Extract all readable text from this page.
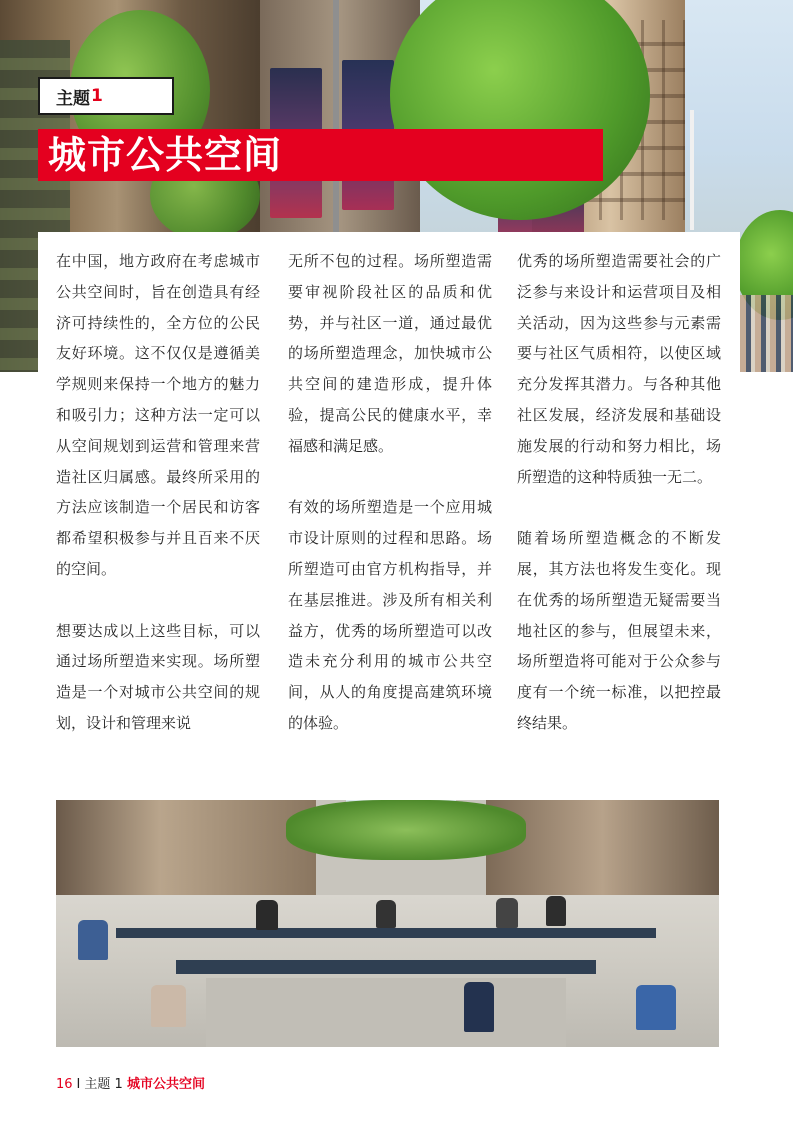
主题 1
城市公共空间

在中国，地方政府在考虑城市公共空间时，旨在创造具有经济可持续性的，全方位的公民友好环境。这不仅仅是遵循美学规则来保持一个地方的魅力和吸引力；这种方法一定可以从空间规划到运营和管理来营造社区归属感。最终所采用的方法应该制造一个居民和访客都希望积极参与并且百来不厌的空间。

想要达成以上这些目标，可以通过场所塑造来实现。场所塑造是一个对城市公共空间的规划，设计和管理来说

无所不包的过程。场所塑造需要审视阶段社区的品质和优势，并与社区一道，通过最优的场所塑造理念，加快城市公共空间的建造形成，提升体验，提高公民的健康水平，幸福感和满足感。

有效的场所塑造是一个应用城市设计原则的过程和思路。场所塑造可由官方机构指导，并在基层推进。涉及所有相关利益方，优秀的场所塑造可以改造未充分利用的城市公共空间，从人的角度提高建筑环境的体验。

优秀的场所塑造需要社会的广泛参与来设计和运营项目及相关活动，因为这些参与元素需要与社区气质相符，以使区域充分发挥其潜力。与各种其他社区发展，经济发展和基础设施发展的行动和努力相比，场所塑造的这种特质独一无二。

随着场所塑造概念的不断发展，其方法也将发生变化。现在优秀的场所塑造无疑需要当地社区的参与，但展望未来，场所塑造将可能对于公众参与度有一个统一标准，以把控最终结果。

16 I 主题 1 城市公共空间
